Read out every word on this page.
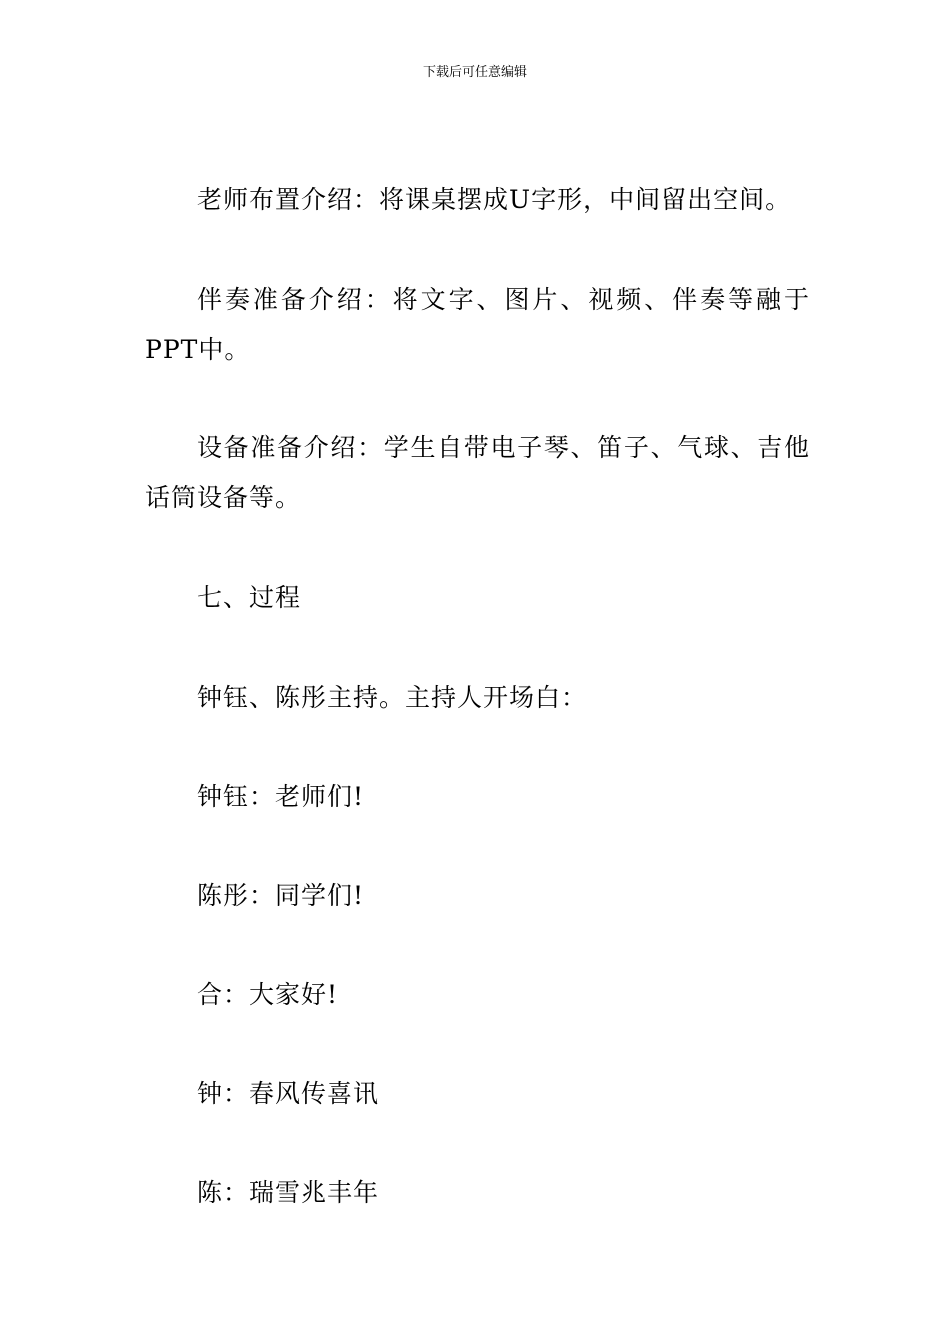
下载后可任意编辑

老师布置介绍：将课桌摆成U字形，中间留出空间。

伴奏准备介绍：将文字、图片、视频、伴奏等融于PPT中。

设备准备介绍：学生自带电子琴、笛子、气球、吉他话筒设备等。

七、过程

钟钰、陈彤主持。主持人开场白：

钟钰：老师们!

陈彤：同学们!

合：大家好!

钟：春风传喜讯

陈：瑞雪兆丰年
